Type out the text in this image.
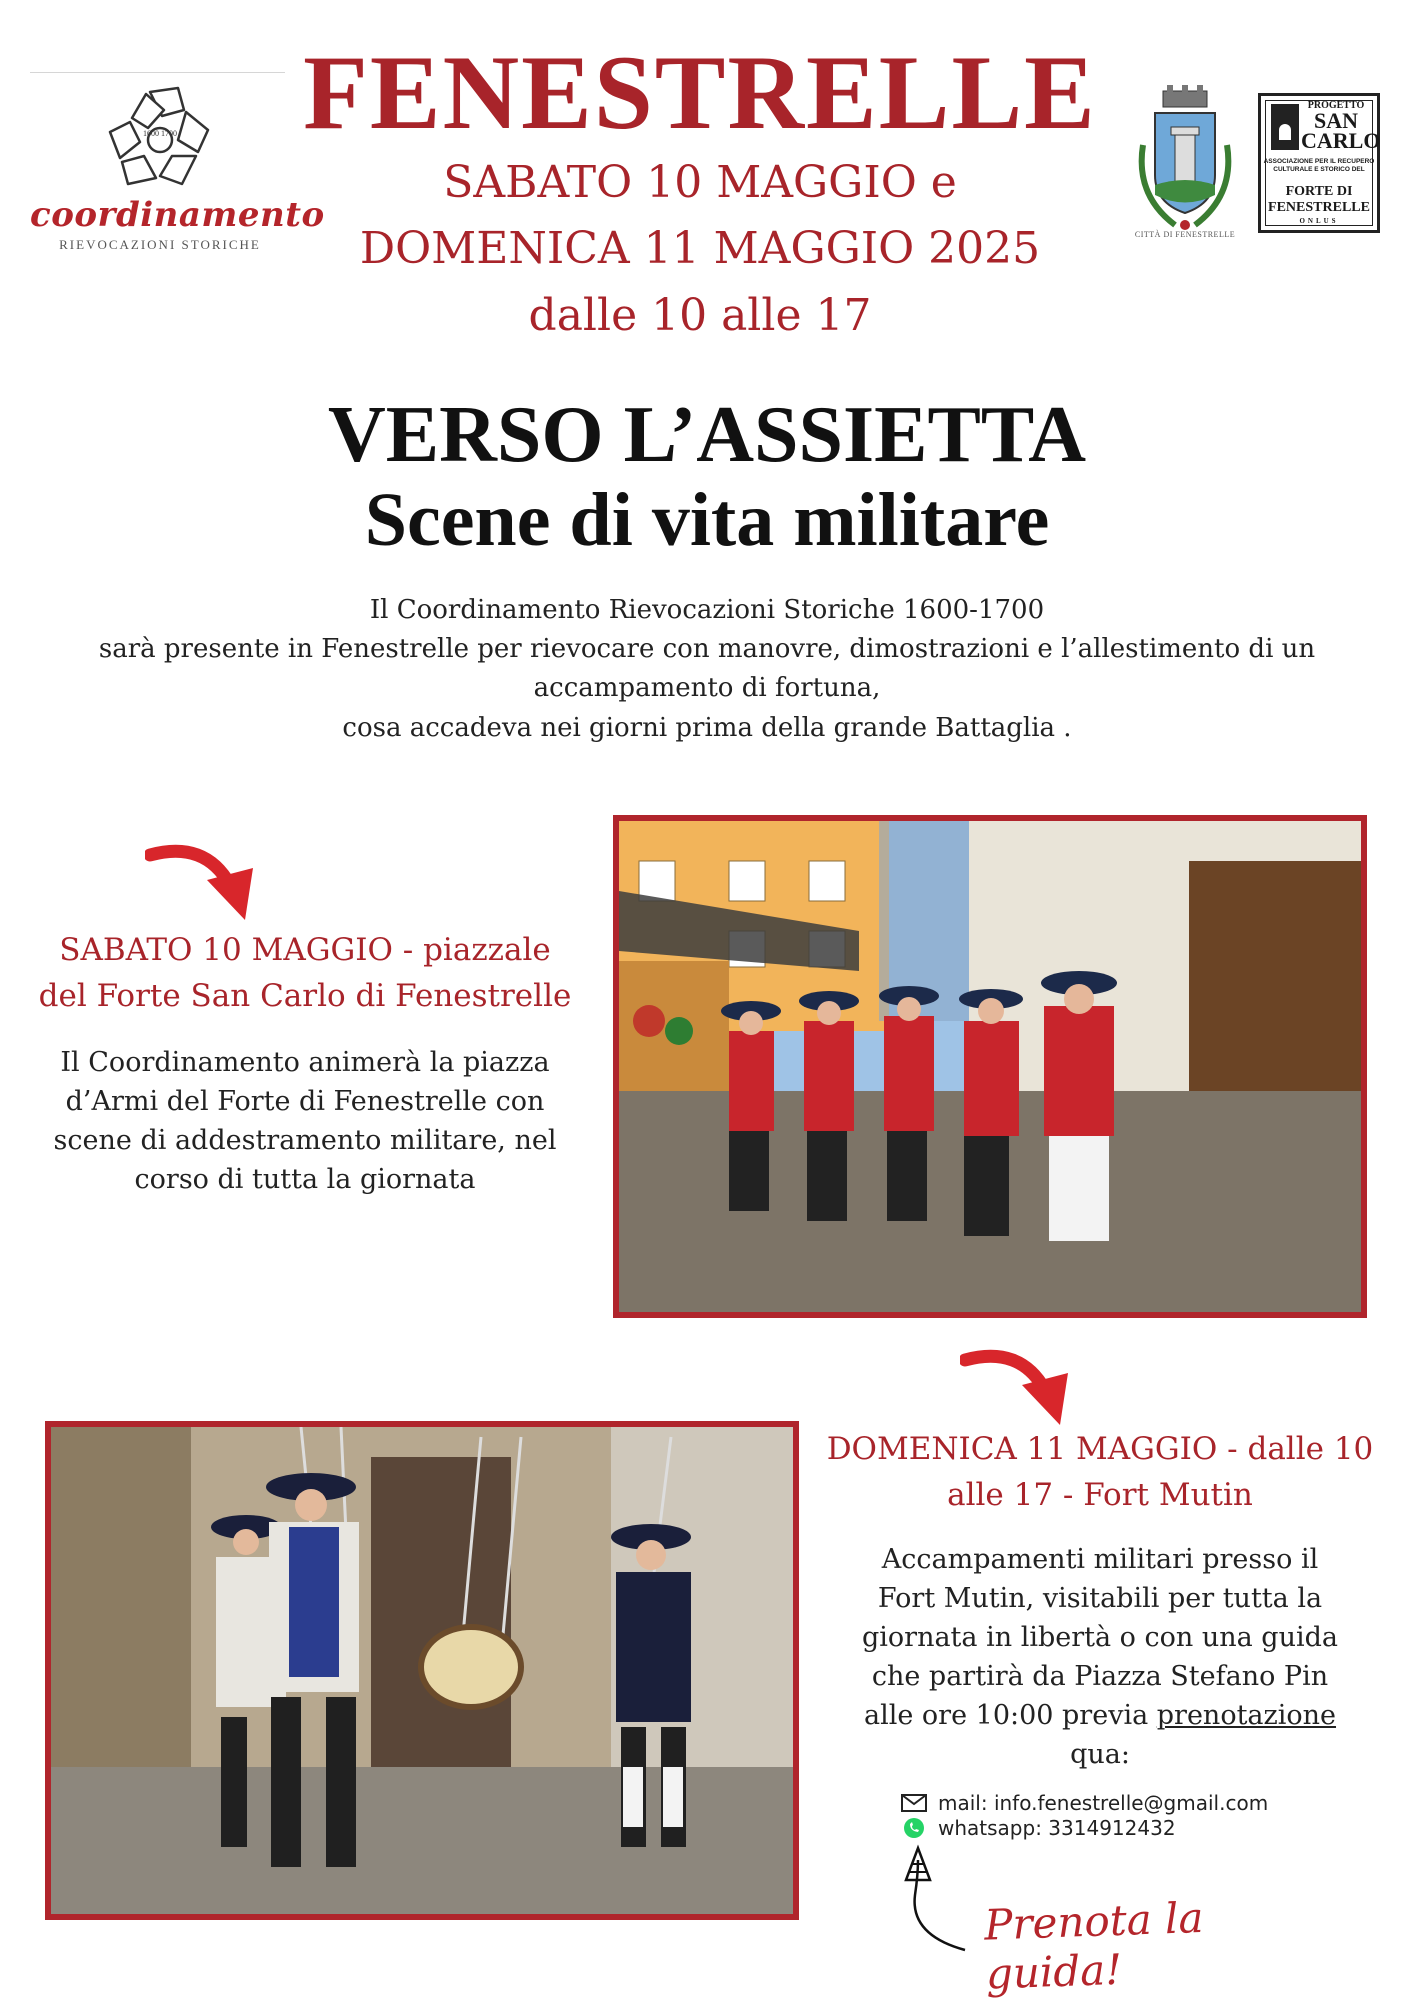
1600 1700
coordinamento
RIEVOCAZIONI STORICHE
FENESTRELLE
SABATO 10 MAGGIO e
DOMENICA 11 MAGGIO 2025
dalle 10 alle 17
CITTÀ DI FENESTRELLE
PROGETTO
SAN CARLO
ASSOCIAZIONE PER IL RECUPERO CULTURALE E STORICO DEL
FORTE DI FENESTRELLE
ONLUS
VERSO L’ASSIETTA
Scene di vita militare
Il Coordinamento Rievocazioni Storiche 1600-1700
sarà presente in Fenestrelle per rievocare con manovre, dimostrazioni e l’allestimento di un
accampamento di fortuna,
cosa accadeva nei giorni prima della grande Battaglia .
SABATO 10 MAGGIO - piazzale
del Forte San Carlo di Fenestrelle
Il Coordinamento animerà la piazza
d’Armi del Forte di Fenestrelle con
scene di addestramento militare, nel
corso di tutta la giornata
DOMENICA 11 MAGGIO - dalle 10
alle 17 - Fort Mutin
Accampamenti militari presso il
Fort Mutin, visitabili per tutta la
giornata in libertà o con una guida
che partirà da Piazza Stefano Pin
alle ore 10:00 previa prenotazione
qua:
mail: info.fenestrelle@gmail.com
whatsapp: 3314912432
Prenota la guida!
